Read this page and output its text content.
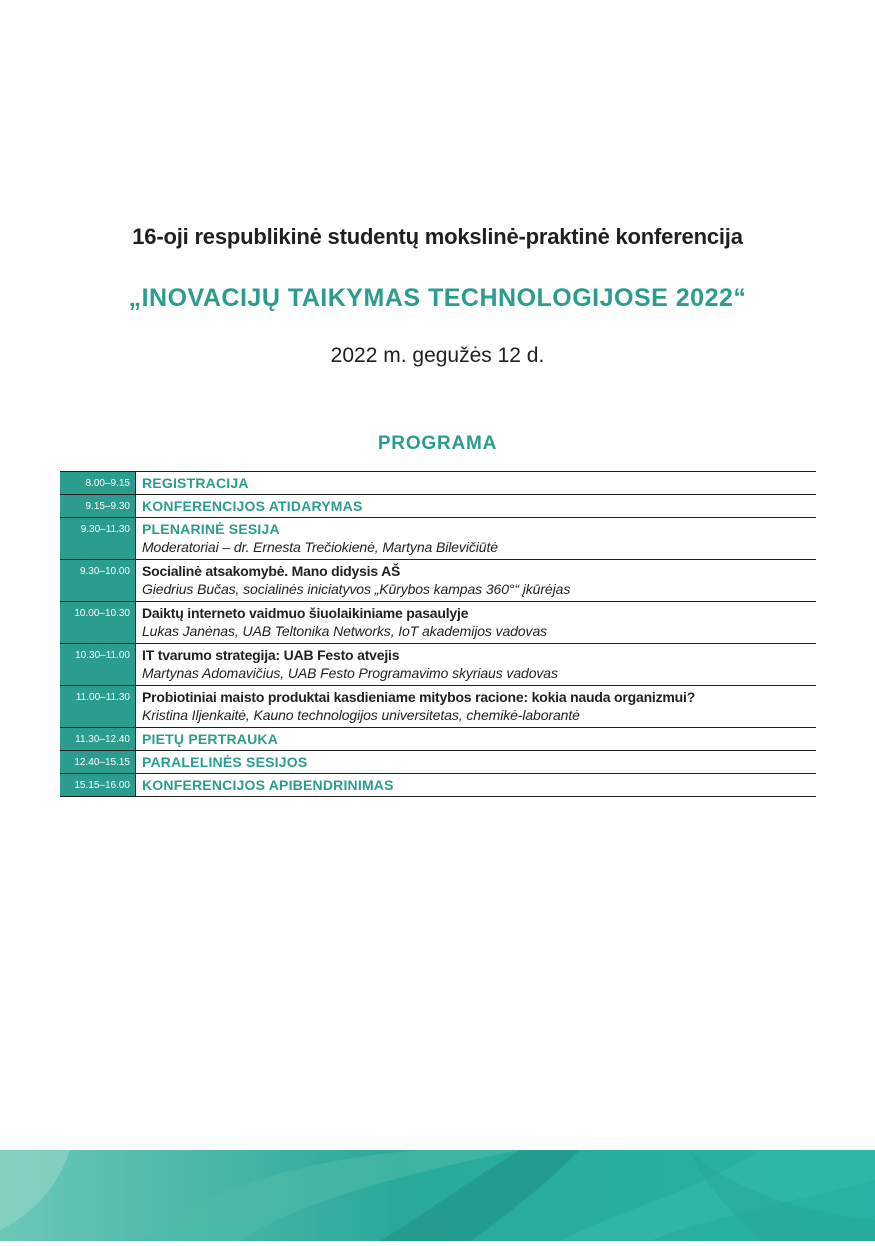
16-oji respublikinė studentų mokslinė-praktinė konferencija
„INOVACIJŲ TAIKYMAS TECHNOLOGIJOSE 2022“
2022 m. gegužės 12 d.
PROGRAMA
8.00–9.15 REGISTRACIJA
9.15–9.30 KONFERENCIJOS ATIDARYMAS
9.30–11.30 PLENARINĖ SESIJA
Moderatoriai – dr. Ernesta Trečiokienė, Martyna Bilevičiūtė
9.30–10.00 Socialinė atsakomybė. Mano didysis AŠ
Giedrius Bučas, socialinės iniciatyvos „Kūrybos kampas 360°“ įkūrėjas
10.00–10.30 Daiktų interneto vaidmuo šiuolaikiniame pasaulyje
Lukas Janėnas, UAB Teltonika Networks, IoT akademijos vadovas
10.30–11.00 IT tvarumo strategija: UAB Festo atvejis
Martynas Adomavičius, UAB Festo Programavimo skyriaus vadovas
11.00–11.30 Probiotiniai maisto produktai kasdieniame mitybos racione: kokia nauda organizmui?
Kristina Iljenkaitė, Kauno technologijos universitetas, chemikė-laborantė
11.30–12.40 PIETŲ PERTRAUKA
12.40–15.15 PARALELINĖS SESIJOS
15.15–16.00 KONFERENCIJOS APIBENDRINIMAS
